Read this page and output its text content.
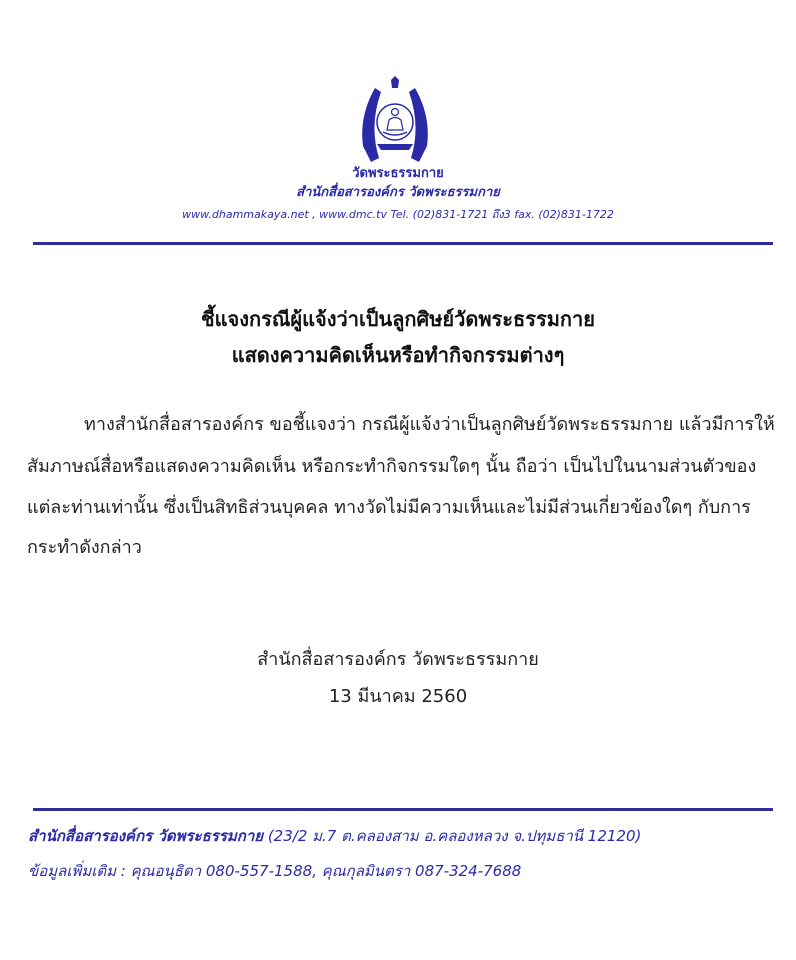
วัดพระธรรมกาย
สำนักสื่อสารองค์กร วัดพระธรรมกาย
www.dhammakaya.net , www.dmc.tv Tel. (02)831-1721 ถึง3 fax. (02)831-1722
ชี้แจงกรณีผู้แจ้งว่าเป็นลูกศิษย์วัดพระธรรมกาย
แสดงความคิดเห็นหรือทำกิจกรรมต่างๆ
ทางสำนักสื่อสารองค์กร ขอชี้แจงว่า กรณีผู้แจ้งว่าเป็นลูกศิษย์วัดพระธรรมกาย แล้วมีการให้
สัมภาษณ์สื่อหรือแสดงความคิดเห็น หรือกระทำกิจกรรมใดๆ นั้น ถือว่า เป็นไปในนามส่วนตัวของ
แต่ละท่านเท่านั้น ซึ่งเป็นสิทธิส่วนบุคคล ทางวัดไม่มีความเห็นและไม่มีส่วนเกี่ยวข้องใดๆ กับการ
กระทำดังกล่าว
สำนักสื่อสารองค์กร วัดพระธรรมกาย
13 มีนาคม 2560
สำนักสื่อสารองค์กร วัดพระธรรมกาย (23/2 ม.7 ต.คลองสาม อ.คลองหลวง จ.ปทุมธานี 12120)
ข้อมูลเพิ่มเติม : คุณอนุธิดา 080-557-1588, คุณกุลมินตรา 087-324-7688
